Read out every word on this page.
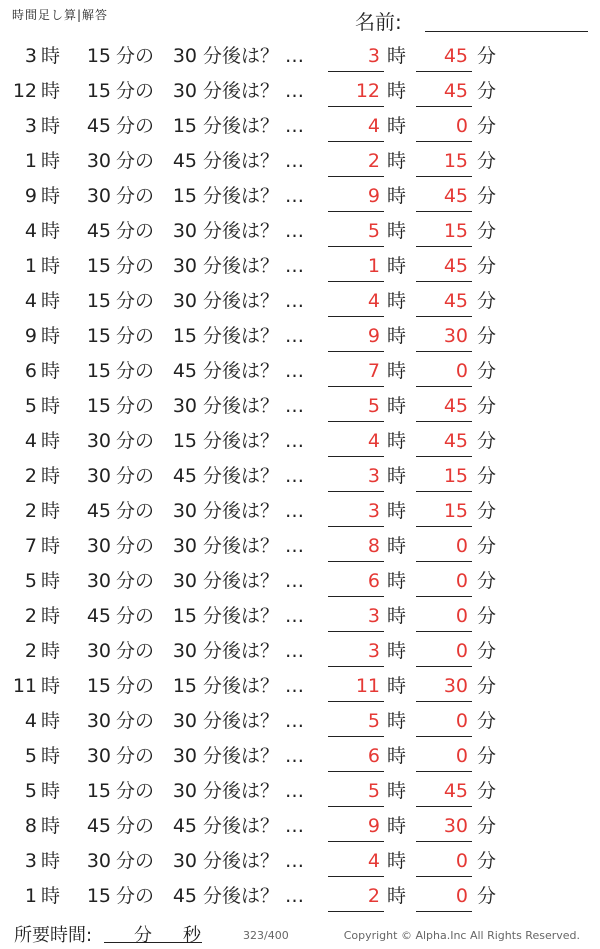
時間足し算|解答	名前:
3 時	15 分の 30 分後は？ …	3 時	45 分
12 時	15 分の 30 分後は？ …	12 時	45 分
3 時	45 分の 15 分後は？ …	4 時	0 分
1 時	30 分の 45 分後は？ …	2 時	15 分
9 時	30 分の 15 分後は？ …	9 時	45 分
4 時	45 分の 30 分後は？ …	5 時	15 分
1 時	15 分の 30 分後は？ …	1 時	45 分
4 時	15 分の 30 分後は？ …	4 時	45 分
9 時	15 分の 15 分後は？ …	9 時	30 分
6 時	15 分の 45 分後は？ …	7 時	0 分
5 時	15 分の 30 分後は？ …	5 時	45 分
4 時	30 分の 15 分後は？ …	4 時	45 分
2 時	30 分の 45 分後は？ …	3 時	15 分
2 時	45 分の 30 分後は？ …	3 時	15 分
7 時	30 分の 30 分後は？ …	8 時	0 分
5 時	30 分の 30 分後は？ …	6 時	0 分
2 時	45 分の 15 分後は？ …	3 時	0 分
2 時	30 分の 30 分後は？ …	3 時	0 分
11 時	15 分の 15 分後は？ …	11 時	30 分
4 時	30 分の 30 分後は？ …	5 時	0 分
5 時	30 分の 30 分後は？ …	6 時	0 分
5 時	15 分の 30 分後は？ …	5 時	45 分
8 時	45 分の 45 分後は？ …	9 時	30 分
3 時	30 分の 30 分後は？ …	4 時	0 分
1 時	15 分の 45 分後は？ …	2 時	0 分
所要時間: 分 秒	323/400	Copyright © Alpha.Inc All Rights Reserved.
